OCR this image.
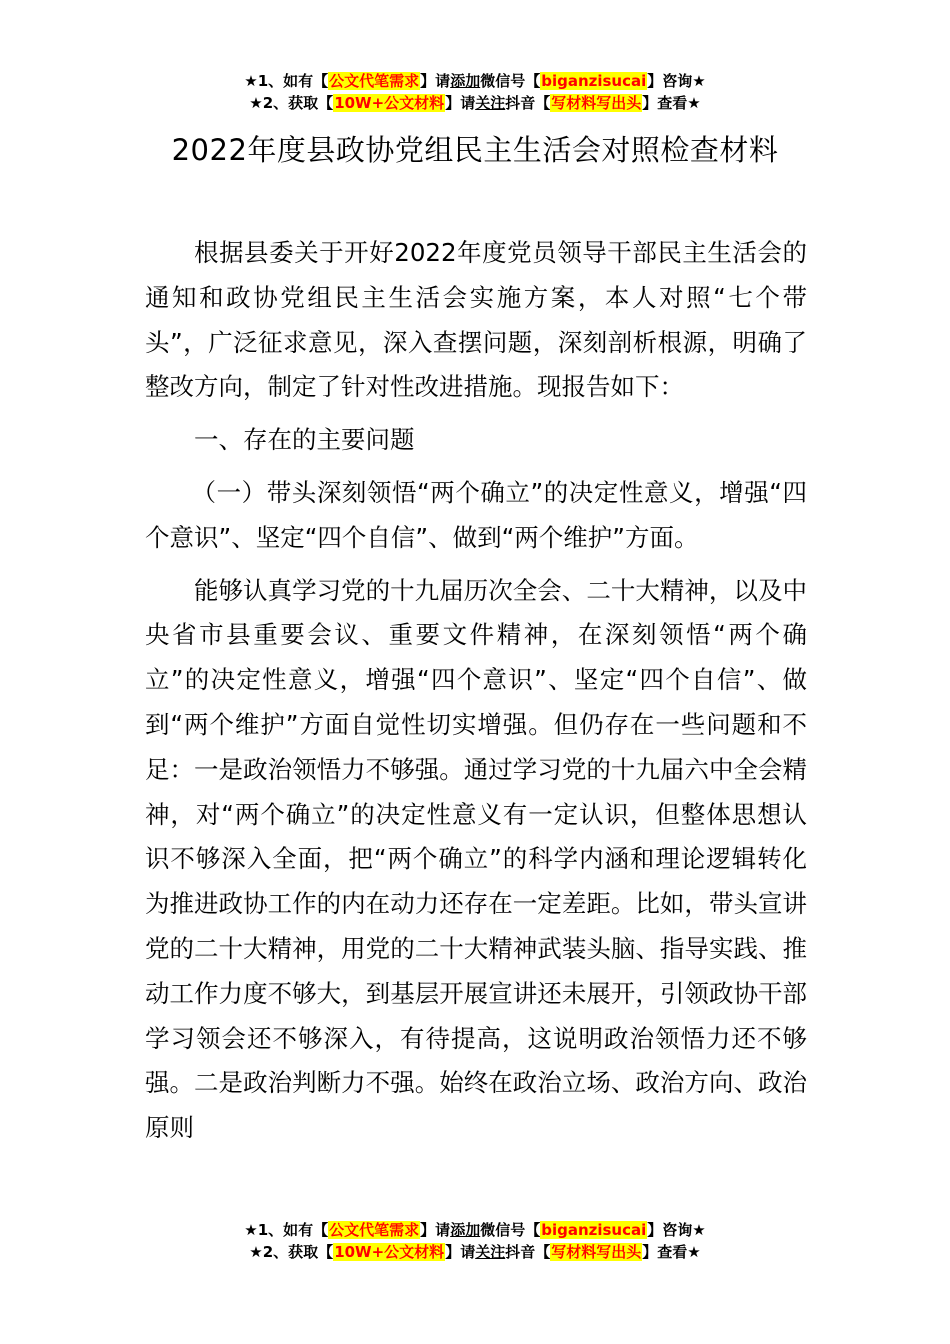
★1、如有【公文代笔需求】请添加微信号【biganzisucai】咨询★
★2、获取【10W+公文材料】请关注抖音【写材料写出头】查看★
2022年度县政协党组民主生活会对照检查材料

根据县委关于开好2022年度党员领导干部民主生活会的通知和政协党组民主生活会实施方案，本人对照“七个带头”，广泛征求意见，深入查摆问题，深刻剖析根源，明确了整改方向，制定了针对性改进措施。现报告如下：

一、存在的主要问题

（一）带头深刻领悟“两个确立”的决定性意义，增强“四个意识”、坚定“四个自信”、做到“两个维护”方面。

能够认真学习党的十九届历次全会、二十大精神，以及中央省市县重要会议、重要文件精神，在深刻领悟“两个确立”的决定性意义，增强“四个意识”、坚定“四个自信”、做到“两个维护”方面自觉性切实增强。但仍存在一些问题和不足：一是政治领悟力不够强。通过学习党的十九届六中全会精神，对“两个确立”的决定性意义有一定认识，但整体思想认识不够深入全面，把“两个确立”的科学内涵和理论逻辑转化为推进政协工作的内在动力还存在一定差距。比如，带头宣讲党的二十大精神，用党的二十大精神武装头脑、指导实践、推动工作力度不够大，到基层开展宣讲还未展开，引领政协干部学习领会还不够深入，有待提高，这说明政治领悟力还不够强。二是政治判断力不强。始终在政治立场、政治方向、政治原则

★1、如有【公文代笔需求】请添加微信号【biganzisucai】咨询★
★2、获取【10W+公文材料】请关注抖音【写材料写出头】查看★
